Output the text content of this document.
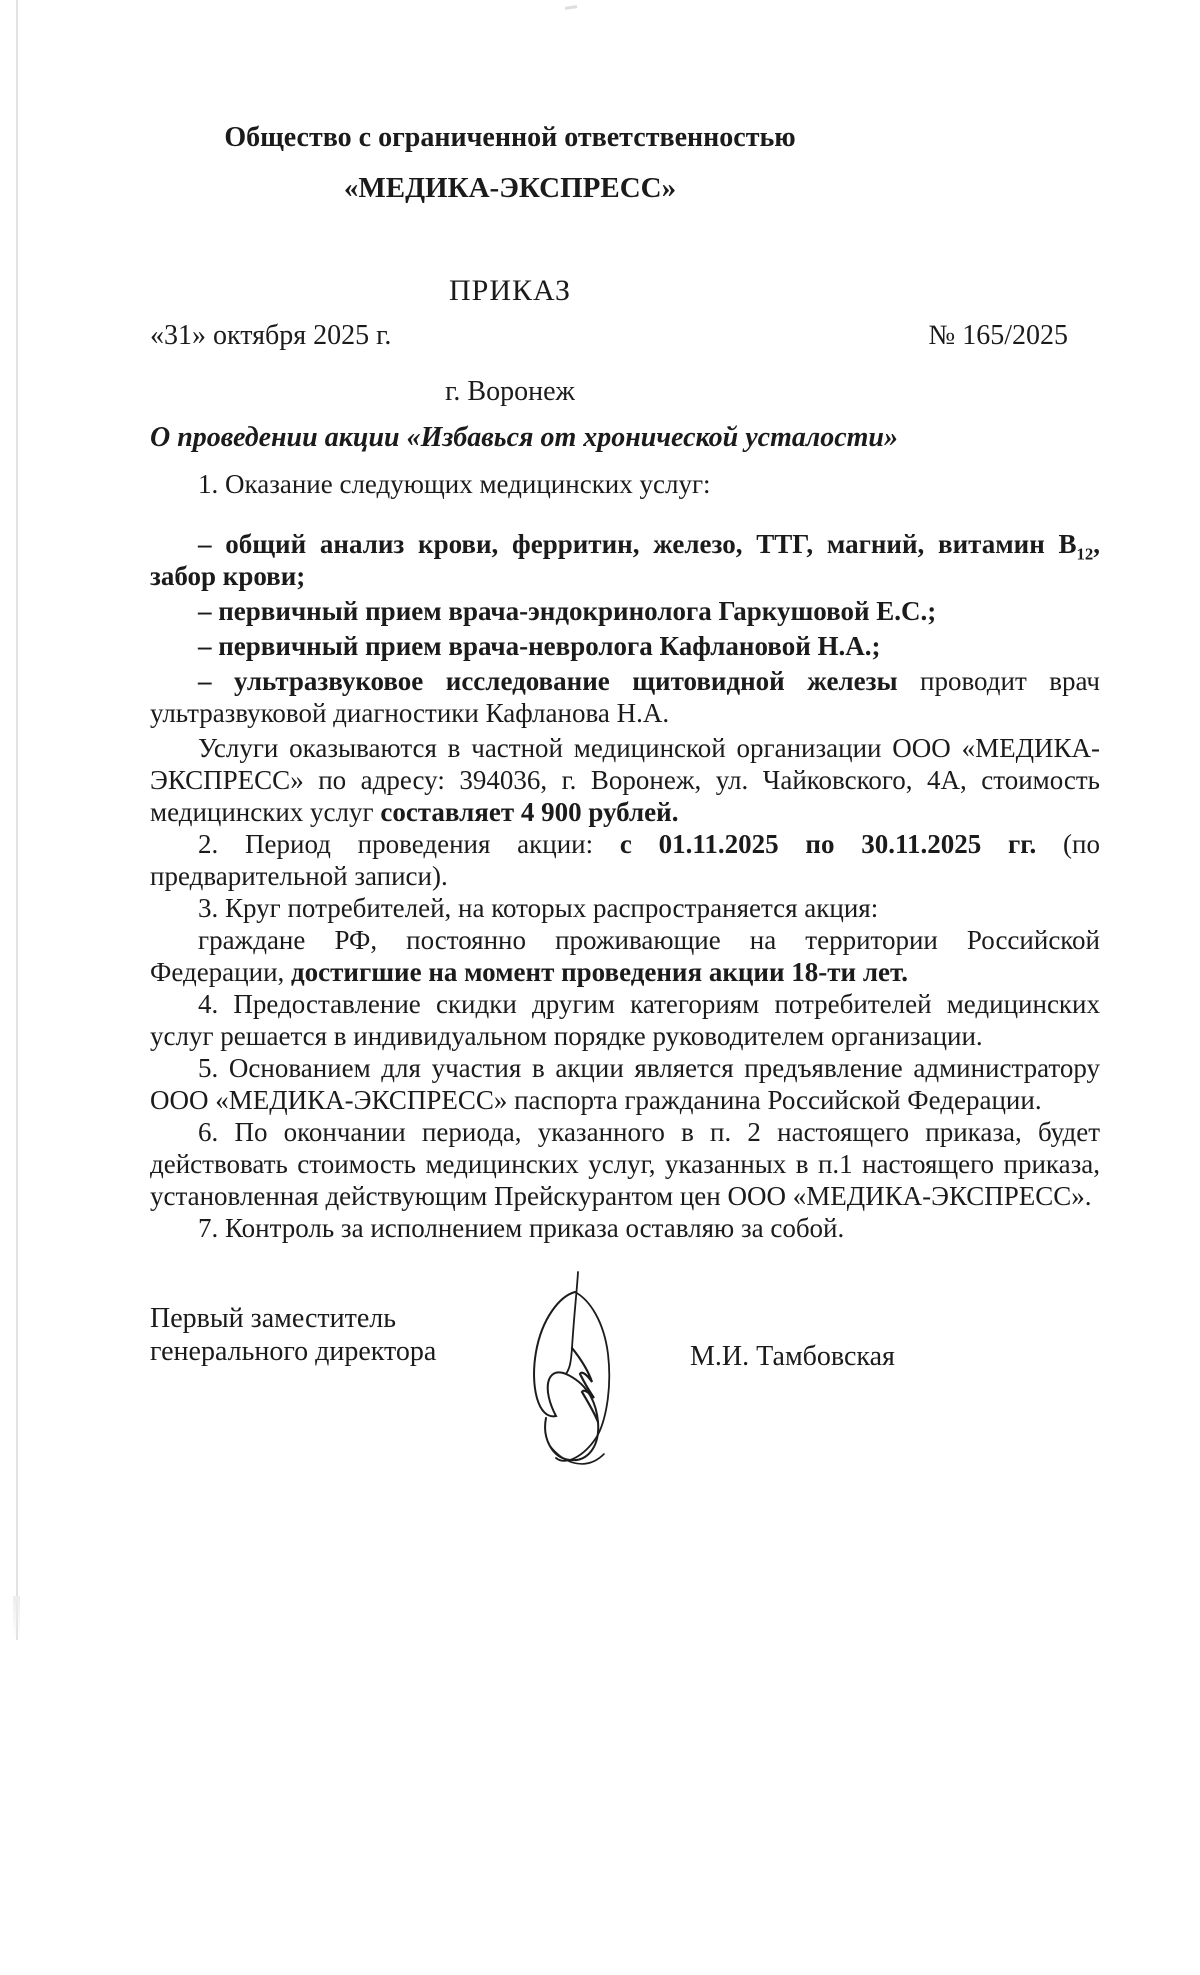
Общество с ограниченной ответственностью
«МЕДИКА-ЭКСПРЕСС»
ПРИКАЗ
«31» октября 2025 г.	№ 165/2025
г. Воронеж
О проведении акции «Избавься от хронической усталости»

1. Оказание следующих медицинских услуг:

– общий анализ крови, ферритин, железо, ТТГ, магний, витамин $В_{12}$, забор крови;

– первичный прием врача-эндокринолога Гаркушовой Е.С.;

– первичный прием врача-невролога Кафлановой Н.А.;

– ультразвуковое исследование щитовидной железы проводит врач ультразвуковой диагностики Кафланова Н.А.

Услуги оказываются в частной медицинской организации ООО «МЕДИКА-ЭКСПРЕСС» по адресу: 394036, г. Воронеж, ул. Чайковского, 4А, стоимость медицинских услуг составляет 4 900 рублей.

2. Период проведения акции: с 01.11.2025 по 30.11.2025 гг. (по предварительной записи).

3. Круг потребителей, на которых распространяется акция:

граждане РФ, постоянно проживающие на территории Российской Федерации, достигшие на момент проведения акции 18-ти лет.

4. Предоставление скидки другим категориям потребителей медицинских услуг решается в индивидуальном порядке руководителем организации.

5. Основанием для участия в акции является предъявление администратору ООО «МЕДИКА-ЭКСПРЕСС» паспорта гражданина Российской Федерации.

6. По окончании периода, указанного в п. 2 настоящего приказа, будет действовать стоимость медицинских услуг, указанных в п.1 настоящего приказа, установленная действующим Прейскурантом цен ООО «МЕДИКА-ЭКСПРЕСС».

7. Контроль за исполнением приказа оставляю за собой.

Первый заместитель
генерального директора	М.И. Тамбовская
